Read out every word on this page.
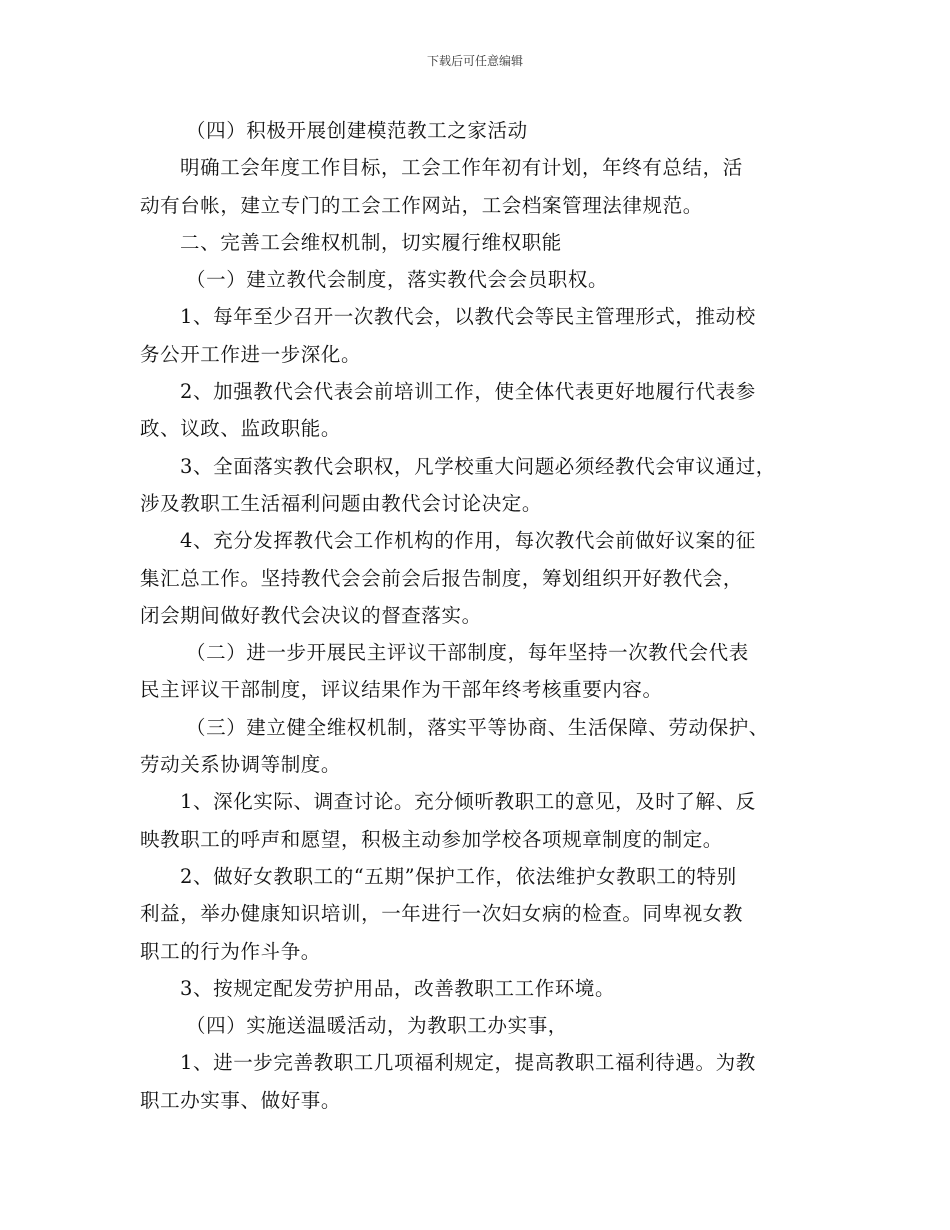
下载后可任意编辑
（四）积极开展创建模范教工之家活动
明确工会年度工作目标，工会工作年初有计划，年终有总结，活
动有台帐，建立专门的工会工作网站，工会档案管理法律规范。
二、完善工会维权机制，切实履行维权职能
（一）建立教代会制度，落实教代会会员职权。
1、每年至少召开一次教代会，以教代会等民主管理形式，推动校
务公开工作进一步深化。
2、加强教代会代表会前培训工作，使全体代表更好地履行代表参
政、议政、监政职能。
3、全面落实教代会职权，凡学校重大问题必须经教代会审议通过，
涉及教职工生活福利问题由教代会讨论决定。
4、充分发挥教代会工作机构的作用，每次教代会前做好议案的征
集汇总工作。坚持教代会会前会后报告制度，筹划组织开好教代会，
闭会期间做好教代会决议的督查落实。
（二）进一步开展民主评议干部制度，每年坚持一次教代会代表
民主评议干部制度，评议结果作为干部年终考核重要内容。
（三）建立健全维权机制，落实平等协商、生活保障、劳动保护、
劳动关系协调等制度。
1、深化实际、调查讨论。充分倾听教职工的意见，及时了解、反
映教职工的呼声和愿望，积极主动参加学校各项规章制度的制定。
2、做好女教职工的“五期”保护工作，依法维护女教职工的特别
利益，举办健康知识培训，一年进行一次妇女病的检查。同卑视女教
职工的行为作斗争。
3、按规定配发劳护用品，改善教职工工作环境。
（四）实施送温暖活动，为教职工办实事，
1、进一步完善教职工几项福利规定，提高教职工福利待遇。为教
职工办实事、做好事。
